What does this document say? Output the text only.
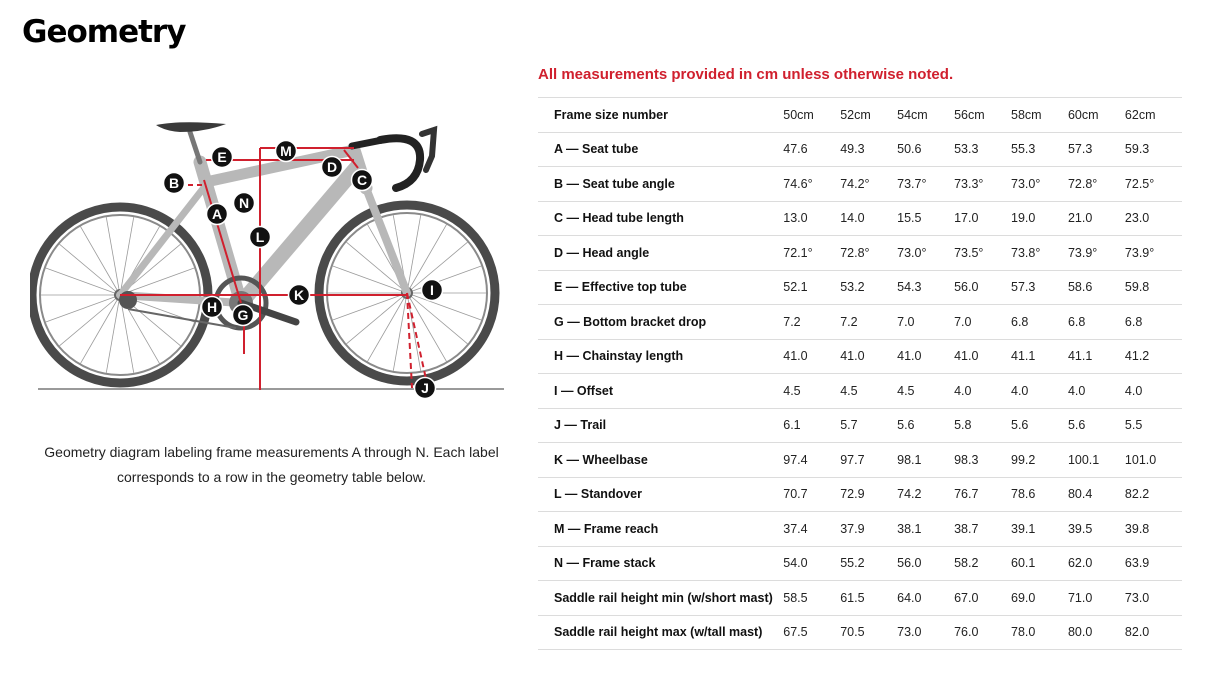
Geometry
A
B	C
D
E
G
H
I
J
K
L
M
N

Geometry diagram labeling frame measurements A through N. Each label corresponds to a row in the geometry table below.

All measurements provided in cm unless otherwise noted.

Frame size number	50cm	52cm	54cm	56cm	58cm	60cm	62cm
A — Seat tube	47.6	49.3	50.6	53.3	55.3	57.3	59.3
B — Seat tube angle	74.6°	74.2°	73.7°	73.3°	73.0°	72.8°	72.5°
C — Head tube length	13.0	14.0	15.5	17.0	19.0	21.0	23.0
D — Head angle	72.1°	72.8°	73.0°	73.5°	73.8°	73.9°	73.9°
E — Effective top tube	52.1	53.2	54.3	56.0	57.3	58.6	59.8
G — Bottom bracket drop	7.2	7.2	7.0	7.0	6.8	6.8	6.8
H — Chainstay length	41.0	41.0	41.0	41.0	41.1	41.1	41.2
I — Offset	4.5	4.5	4.5	4.0	4.0	4.0	4.0
J — Trail	6.1	5.7	5.6	5.8	5.6	5.6	5.5
K — Wheelbase	97.4	97.7	98.1	98.3	99.2	100.1	101.0
L — Standover	70.7	72.9	74.2	76.7	78.6	80.4	82.2
M — Frame reach	37.4	37.9	38.1	38.7	39.1	39.5	39.8
N — Frame stack	54.0	55.2	56.0	58.2	60.1	62.0	63.9
Saddle rail height min (w/short mast)	58.5	61.5	64.0	67.0	69.0	71.0	73.0
Saddle rail height max (w/tall mast)	67.5	70.5	73.0	76.0	78.0	80.0	82.0
